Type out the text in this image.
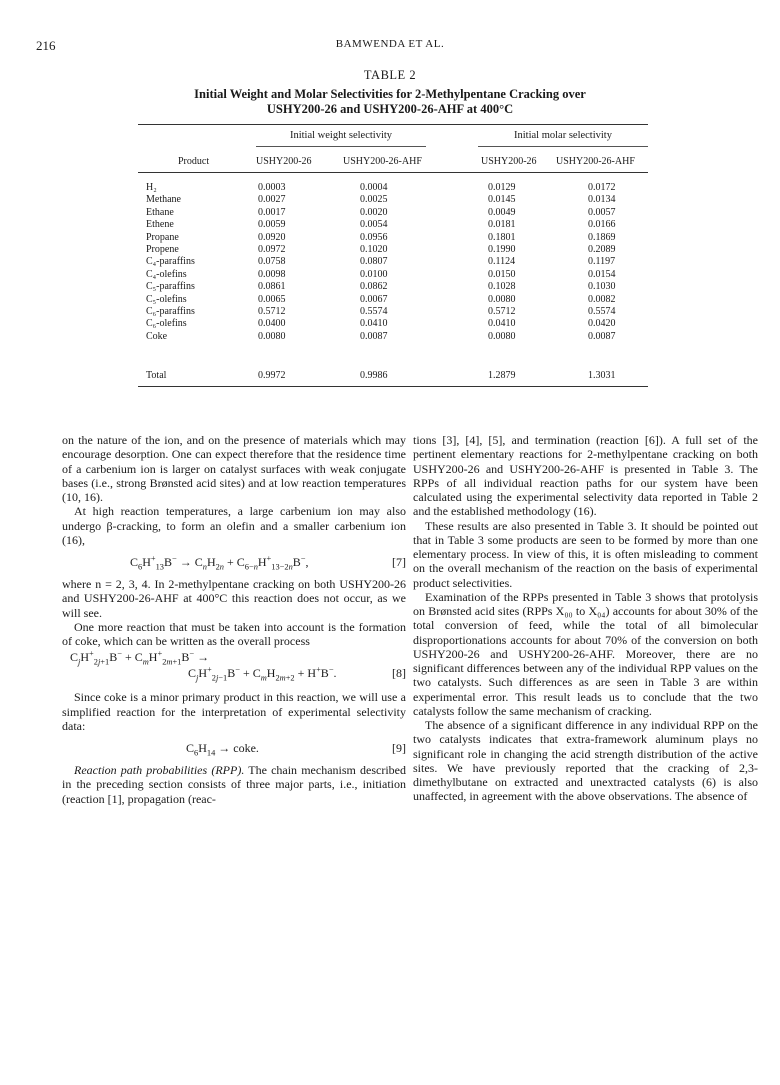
216	BAMWENDA ET AL.
TABLE 2
Initial Weight and Molar Selectivities for 2-Methylpentane Cracking over USHY200-26 and USHY200-26-AHF at 400°C
Initial weight selectivity	Initial molar selectivity
Product	USHY200-26	USHY200-26-AHF	USHY200-26 USHY200-26-AHF
H₂	0.0003	0.0004	0.0129	0.0172
Methane	0.0027	0.0025	0.0145	0.0134
Ethane	0.0017	0.0020	0.0049	0.0057
Ethene	0.0059	0.0054	0.0181	0.0166
Propane	0.0920	0.0956	0.1801	0.1869
Propene	0.0972	0.1020	0.1990	0.2089
C₄-paraffins	0.0758	0.0807	0.1124	0.1197
C₄-olefins	0.0098	0.0100	0.0150	0.0154
C₅-paraffins	0.0861	0.0862	0.1028	0.1030
C₅-olefins	0.0065	0.0067	0.0080	0.0082
C₆-paraffins	0.5712	0.5574	0.5712	0.5574
C₆-olefins	0.0400	0.0410	0.0410	0.0420
Coke	0.0080	0.0087	0.0080	0.0087
Total	0.9972	0.9986	1.2879	1.3031

on the nature of the ion, and on the presence of materials which may encourage desorption. One can expect therefore that the residence time of a carbenium ion is larger on catalyst surfaces with weak conjugate bases (i.e., strong Brønsted acid sites) and at low reaction temperatures (10, 16).

At high reaction temperatures, a large carbenium ion may also undergo β-cracking, to form an olefin and a smaller carbenium ion (16),

$C_6H^+_{13}B^- \to C_nH_{2n} + C_{6-n}H^+_{13-2n}B^-$,	[7]

where n = 2, 3, 4. In 2-methylpentane cracking on both USHY200-26 and USHY200-26-AHF at 400°C this reaction does not occur, as we will see.

One more reaction that must be taken into account is the formation of coke, which can be written as the overall process

$C_jH^+_{2j+1}B^- + C_mH^+_{2m+1}B^-$ →
$C_jH^+_{2j-1}B^- + C_mH_{2m+2} + H^+B^-$.	[8]

Since coke is a minor primary product in this reaction, we will use a simplified reaction for the interpretation of experimental selectivity data:

$C_6H_{14}$ → coke.	[9]

Reaction path probabilities (RPP). The chain mechanism described in the preceding section consists of three major parts, i.e., initiation (reaction [1], propagation (reac-

tions [3], [4], [5], and termination (reaction [6]). A full set of the pertinent elementary reactions for 2-methylpentane cracking on both USHY200-26 and USHY200-26-AHF is presented in Table 3. The RPPs of all individual reaction paths for our system have been calculated using the experimental selectivity data reported in Table 2 and the established methodology (16).

These results are also presented in Table 3. It should be pointed out that in Table 3 some products are seen to be formed by more than one elementary process. In view of this, it is often misleading to comment on the overall mechanism of the reaction on the basis of experimental product selectivities.

Examination of the RPPs presented in Table 3 shows that protolysis on Brønsted acid sites (RPPs X₀₀ to X₀₄) accounts for about 30% of the total conversion of feed, while the total of all bimolecular disproportionations accounts for about 70% of the conversion on both USHY200-26 and USHY200-26-AHF. Moreover, there are no significant differences between any of the individual RPP values on the two catalysts. Such differences as are seen in Table 3 are within experimental error. This result leads us to conclude that the two catalysts follow the same mechanism of cracking.

The absence of a significant difference in any individual RPP on the two catalysts indicates that extra-framework aluminum plays no significant role in changing the acid strength distribution of the active sites. We have previously reported that the cracking of 2,3-dimethylbutane on extracted and unextracted catalysts (6) is also unaffected, in agreement with the above observations. The absence of
